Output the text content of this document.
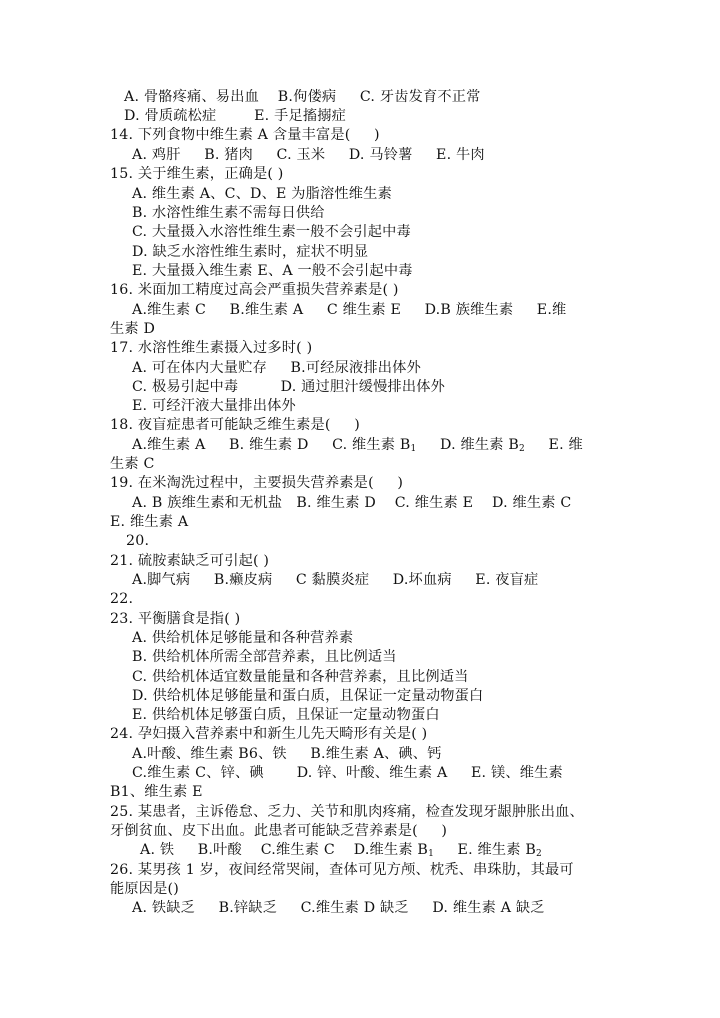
A. 骨骼疼痛、易出血    B.佝偻病     C. 牙齿发育不正常
D. 骨质疏松症        E. 手足搐搦症
14. 下列食物中维生素 A 含量丰富是(     )
A. 鸡肝     B. 猪肉     C. 玉米     D. 马铃薯     E. 牛肉
15. 关于维生素，正确是( )
A. 维生素 A、C、D、E 为脂溶性维生素
B. 水溶性维生素不需每日供给
C. 大量摄入水溶性维生素一般不会引起中毒
D. 缺乏水溶性维生素时，症状不明显
E. 大量摄入维生素 E、A 一般不会引起中毒
16. 米面加工精度过高会严重损失营养素是( )
A.维生素 C     B.维生素 A     C 维生素 E     D.B 族维生素     E.维
生素 D
17. 水溶性维生素摄入过多时( )
A. 可在体内大量贮存     B.可经尿液排出体外
C. 极易引起中毒         D. 通过胆汁缓慢排出体外
E. 可经汗液大量排出体外
18. 夜盲症患者可能缺乏维生素是(     )
A.维生素 A     B. 维生素 D     C. 维生素 $B_1$     D. 维生素 $B_2$     E. 维
生素 C
19. 在米淘洗过程中，主要损失营养素是(     )
A. B 族维生素和无机盐   B. 维生素 D    C. 维生素 E    D. 维生素 C
E. 维生素 A
20.
21. 硫胺素缺乏可引起( )
A.脚气病     B.癞皮病     C 黏膜炎症     D.坏血病     E. 夜盲症
22.
23. 平衡膳食是指( )
A. 供给机体足够能量和各种营养素
B. 供给机体所需全部营养素，且比例适当
C. 供给机体适宜数量能量和各种营养素，且比例适当
D. 供给机体足够能量和蛋白质，且保证一定量动物蛋白
E. 供给机体足够蛋白质，且保证一定量动物蛋白
24. 孕妇摄入营养素中和新生儿先天畸形有关是( )
A.叶酸、维生素 B6、铁     B.维生素 A、碘、钙
C.维生素 C、锌、碘       D. 锌、叶酸、维生素 A     E. 镁、维生素
B1、维生素 E
25. 某患者，主诉倦怠、乏力、关节和肌肉疼痛，检查发现牙龈肿胀出血、
牙倒贫血、皮下出血。此患者可能缺乏营养素是(     )
A. 铁     B.叶酸    C.维生素 C    D.维生素 $B_1$     E. 维生素 $B_2$
26. 某男孩 1 岁，夜间经常哭闹，查体可见方颅、枕秃、串珠肋，其最可
能原因是()
A. 铁缺乏     B.锌缺乏     C.维生素 D 缺乏     D. 维生素 A 缺乏
